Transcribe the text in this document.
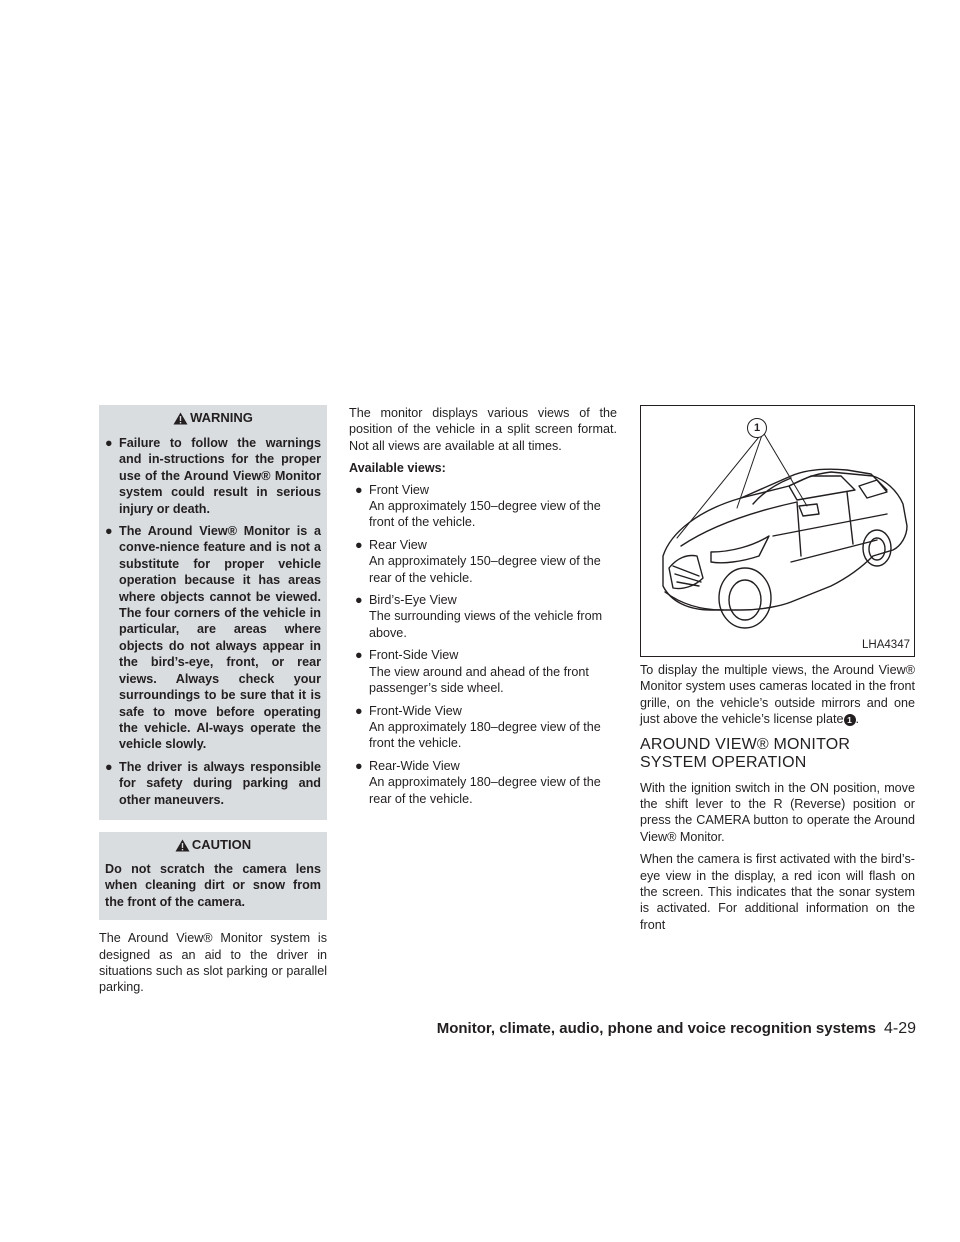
WARNING
● Failure to follow the warnings and in-structions for the proper use of the Around View® Monitor system could result in serious injury or death.
● The Around View® Monitor is a conve-nience feature and is not a substitute for proper vehicle operation because it has areas where objects cannot be viewed. The four corners of the vehicle in particular, are areas where objects do not always appear in the bird’s-eye, front, or rear views. Always check your surroundings to be sure that it is safe to move before operating the vehicle. Al-ways operate the vehicle slowly.
● The driver is always responsible for safety during parking and other maneuvers.
CAUTION
Do not scratch the camera lens when cleaning dirt or snow from the front of the camera.

The Around View® Monitor system is designed as an aid to the driver in situations such as slot parking or parallel parking.

The monitor displays various views of the position of the vehicle in a split screen format. Not all views are available at all times.

Available views:
● Front View
An approximately 150–degree view of the front of the vehicle.
● Rear View
An approximately 150–degree view of the rear of the vehicle.
● Bird’s-Eye View
The surrounding views of the vehicle from above.
● Front-Side View
The view around and ahead of the front passenger’s side wheel.
● Front-Wide View
An approximately 180–degree view of the front the vehicle.
● Rear-Wide View
An approximately 180–degree view of the rear of the vehicle.
1
LHA4347

To display the multiple views, the Around View® Monitor system uses cameras located in the front grille, on the vehicle’s outside mirrors and one just above the vehicle’s license plate 1 .

AROUND VIEW® MONITOR
SYSTEM OPERATION

With the ignition switch in the ON position, move the shift lever to the R (Reverse) position or press the CAMERA button to operate the Around View® Monitor.

When the camera is first activated with the bird’s-eye view in the display, a red icon will flash on the screen. This indicates that the sonar system is activated. For additional information on the front

Monitor, climate, audio, phone and voice recognition systems 4-29
